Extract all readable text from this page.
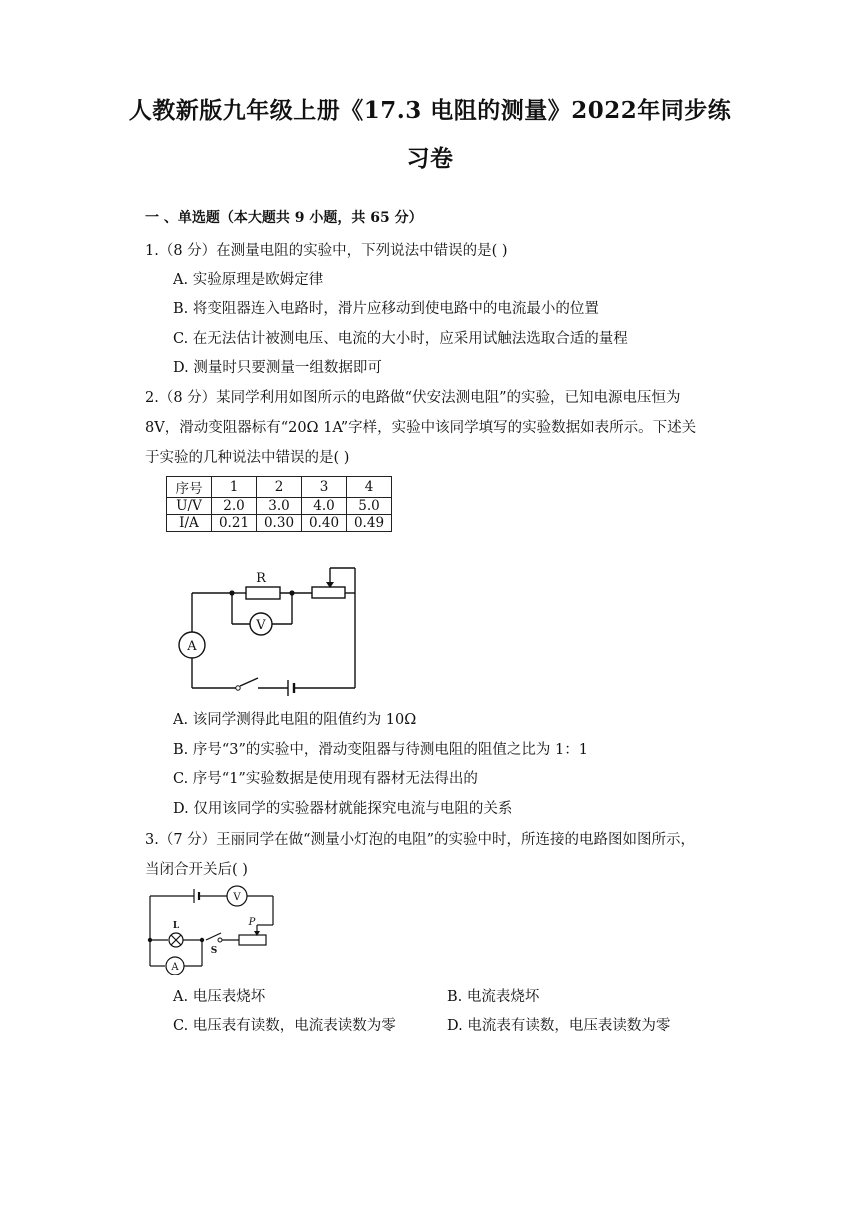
人教新版九年级上册《17.3 电阻的测量》2022年同步练
习卷
一 、单选题（本大题共 9 小题，共 65 分）
1.（8 分）在测量电阻的实验中，下列说法中错误的是( )
A. 实验原理是欧姆定律
B. 将变阻器连入电路时，滑片应移动到使电路中的电流最小的位置
C. 在无法估计被测电压、电流的大小时，应采用试触法选取合适的量程
D. 测量时只要测量一组数据即可
2.（8 分）某同学利用如图所示的电路做“伏安法测电阻”的实验，已知电源电压恒为
8V，滑动变阻器标有“20Ω 1A”字样，实验中该同学填写的实验数据如表所示。下述关
于实验的几种说法中错误的是( )
序号	1	2	3	4
U/V	2.0	3.0	4.0	5.0
I/A	0.21	0.30	0.40	0.49
R
V
A
A. 该同学测得此电阻的阻值约为 10Ω
B. 序号“3”的实验中，滑动变阻器与待测电阻的阻值之比为 1：1
C. 序号“1”实验数据是使用现有器材无法得出的
D. 仅用该同学的实验器材就能探究电流与电阻的关系
3.（7 分）王丽同学在做“测量小灯泡的电阻”的实验中时，所连接的电路图如图所示，
当闭合开关后( )
L
S
P
V
A
A. 电压表烧坏	B. 电流表烧坏
C. 电压表有读数，电流表读数为零	D. 电流表有读数，电压表读数为零
